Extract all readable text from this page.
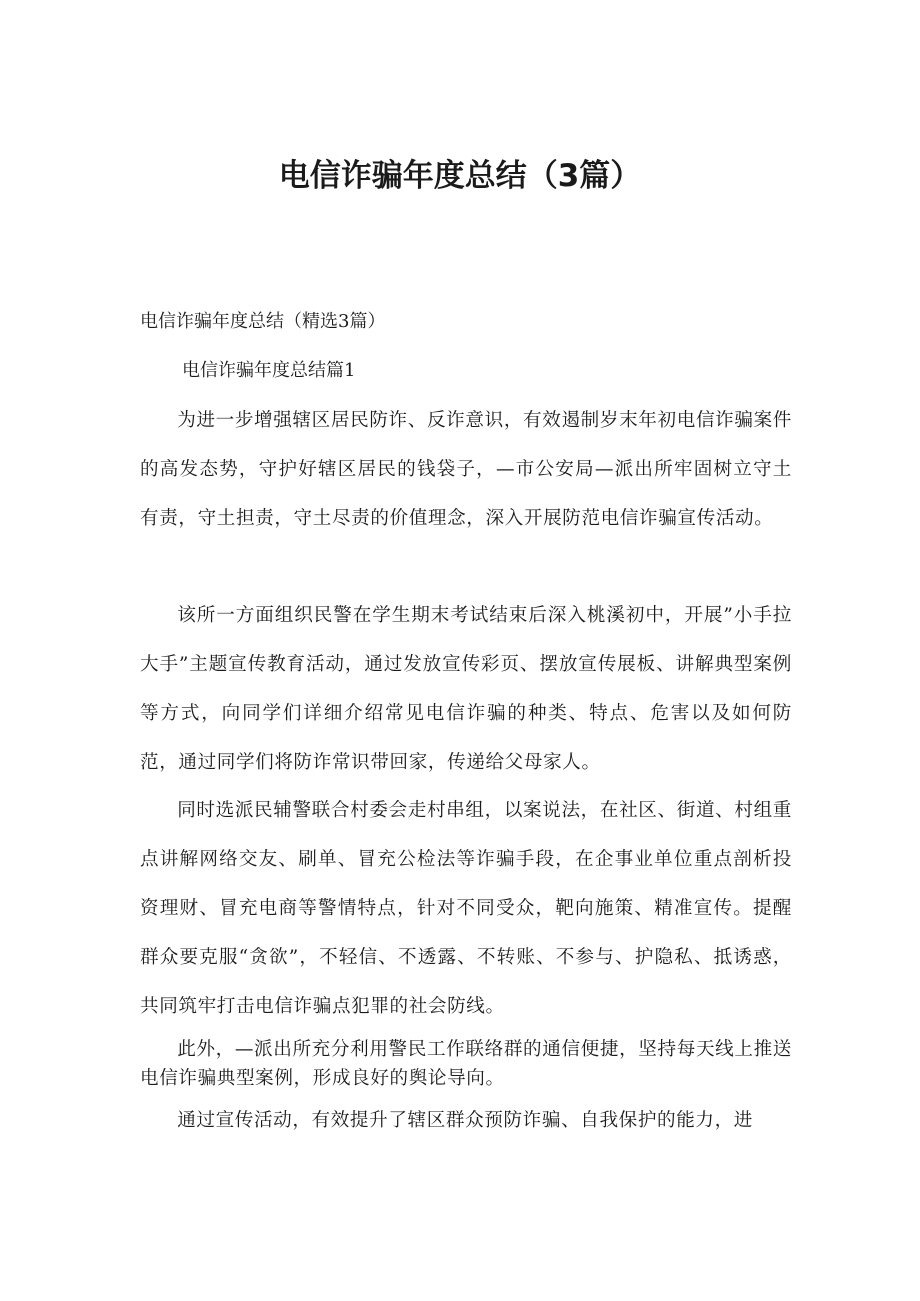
电信诈骗年度总结（3篇）

电信诈骗年度总结（精选3篇）

电信诈骗年度总结篇1

为进一步增强辖区居民防诈、反诈意识，有效遏制岁末年初电信诈骗案件的高发态势，守护好辖区居民的钱袋子，—市公安局—派出所牢固树立守土有责，守土担责，守土尽责的价值理念，深入开展防范电信诈骗宣传活动。

该所一方面组织民警在学生期末考试结束后深入桃溪初中，开展”小手拉大手”主题宣传教育活动，通过发放宣传彩页、摆放宣传展板、讲解典型案例等方式，向同学们详细介绍常见电信诈骗的种类、特点、危害以及如何防范，通过同学们将防诈常识带回家，传递给父母家人。

同时选派民辅警联合村委会走村串组，以案说法，在社区、街道、村组重点讲解网络交友、刷单、冒充公检法等诈骗手段，在企事业单位重点剖析投资理财、冒充电商等警情特点，针对不同受众，靶向施策、精准宣传。提醒群众要克服“贪欲”，不轻信、不透露、不转账、不参与、护隐私、抵诱惑，共同筑牢打击电信诈骗点犯罪的社会防线。

此外，—派出所充分利用警民工作联络群的通信便捷，坚持每天线上推送电信诈骗典型案例，形成良好的舆论导向。

通过宣传活动，有效提升了辖区群众预防诈骗、自我保护的能力，进
